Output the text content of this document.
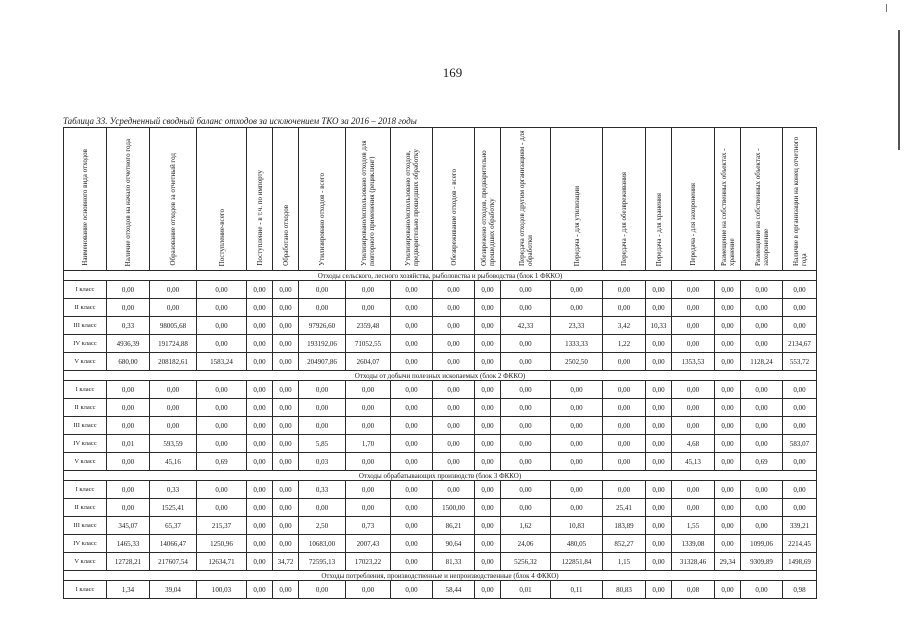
169
Таблица 33. Усредненный сводный баланс отходов за исключением ТКО за 2016 – 2018 годы
Наименование основного вида отходов	Наличие отходов на начало отчетного года	Образование отходов за отчетный год	Поступление-всего	Поступление - в т.ч. по импорту	Обработано отходов	Утилизировано отходов - всего	Утилизировано/использовано отходов для повторного применения (рециклинг)	Утилизировано/использовано отходов, предварительно прошедших обработку	Обезвреживание отходов - всего	Обезврежено отходов, предварительно прошедших обработку	Передача отходов другим организациям - для обработки	Передача - для утилизации	Передача - для обезвреживания	Передача - для хранения	Передача - для захоронения	Размещение на собственных объектах - хранение	Размещение на собственных объектах - захоронение	Наличие в организации на конец отчетного года
Отходы сельского, лесного хозяйства, рыболовства и рыбоводства (блок 1 ФККО)																		
I класс	0,00	0,00	0,00	0,00	0,00	0,00	0,00	0,00	0,00	0,00	0,00	0,00	0,00	0,00	0,00	0,00	0,00	0,00
II класс	0,00	0,00	0,00	0,00	0,00	0,00	0,00	0,00	0,00	0,00	0,00	0,00	0,00	0,00	0,00	0,00	0,00	0,00
III класс	0,33	98005,68	0,00	0,00	0,00	97926,60	2359,48	0,00	0,00	0,00	42,33	23,33	3,42	10,33	0,00	0,00	0,00	0,00
IV класс	4936,39	191724,88	0,00	0,00	0,00	193192,06	71052,55	0,00	0,00	0,00	0,00	1333,33	1,22	0,00	0,00	0,00	0,00	2134,67
V класс	680,00	208182,61	1583,24	0,00	0,00	204907,86	2604,07	0,00	0,00	0,00	0,00	2502,50	0,00	0,00	1353,53	0,00	1128,24	553,72
Отходы от добычи полезных ископаемых (блок 2 ФККО)																		
I класс	0,00	0,00	0,00	0,00	0,00	0,00	0,00	0,00	0,00	0,00	0,00	0,00	0,00	0,00	0,00	0,00	0,00	0,00
II класс	0,00	0,00	0,00	0,00	0,00	0,00	0,00	0,00	0,00	0,00	0,00	0,00	0,00	0,00	0,00	0,00	0,00	0,00
III класс	0,00	0,00	0,00	0,00	0,00	0,00	0,00	0,00	0,00	0,00	0,00	0,00	0,00	0,00	0,00	0,00	0,00	0,00
IV класс	0,01	593,59	0,00	0,00	0,00	5,85	1,70	0,00	0,00	0,00	0,00	0,00	0,00	0,00	4,68	0,00	0,00	583,07
V класс	0,00	45,16	0,69	0,00	0,00	0,03	0,00	0,00	0,00	0,00	0,00	0,00	0,00	0,00	45,13	0,00	0,69	0,00
Отходы обрабатывающих производств (блок 3 ФККО)																		
I класс	0,00	0,33	0,00	0,00	0,00	0,33	0,00	0,00	0,00	0,00	0,00	0,00	0,00	0,00	0,00	0,00	0,00	0,00
II класс	0,00	1525,41	0,00	0,00	0,00	0,00	0,00	0,00	1500,00	0,00	0,00	0,00	25,41	0,00	0,00	0,00	0,00	0,00
III класс	345,07	65,37	215,37	0,00	0,00	2,50	0,73	0,00	86,21	0,00	1,62	10,83	183,89	0,00	1,55	0,00	0,00	339,21
IV класс	1465,33	14066,47	1250,96	0,00	0,00	10683,00	2007,43	0,00	90,64	0,00	24,06	480,05	852,27	0,00	1339,08	0,00	1099,06	2214,45
V класс	12728,21	217607,54	12634,71	0,00	34,72	72595,13	17023,22	0,00	81,33	0,00	5256,32	122851,84	1,15	0,00	31328,46	29,34	9309,89	1498,69
Отходы потребления, производственные и непроизводственные (блок 4 ФККО)																		
I класс	1,34	39,04	100,03	0,00	0,00	0,00	0,00	0,00	58,44	0,00	0,01	0,11	80,83	0,00	0,08	0,00	0,00	0,98
